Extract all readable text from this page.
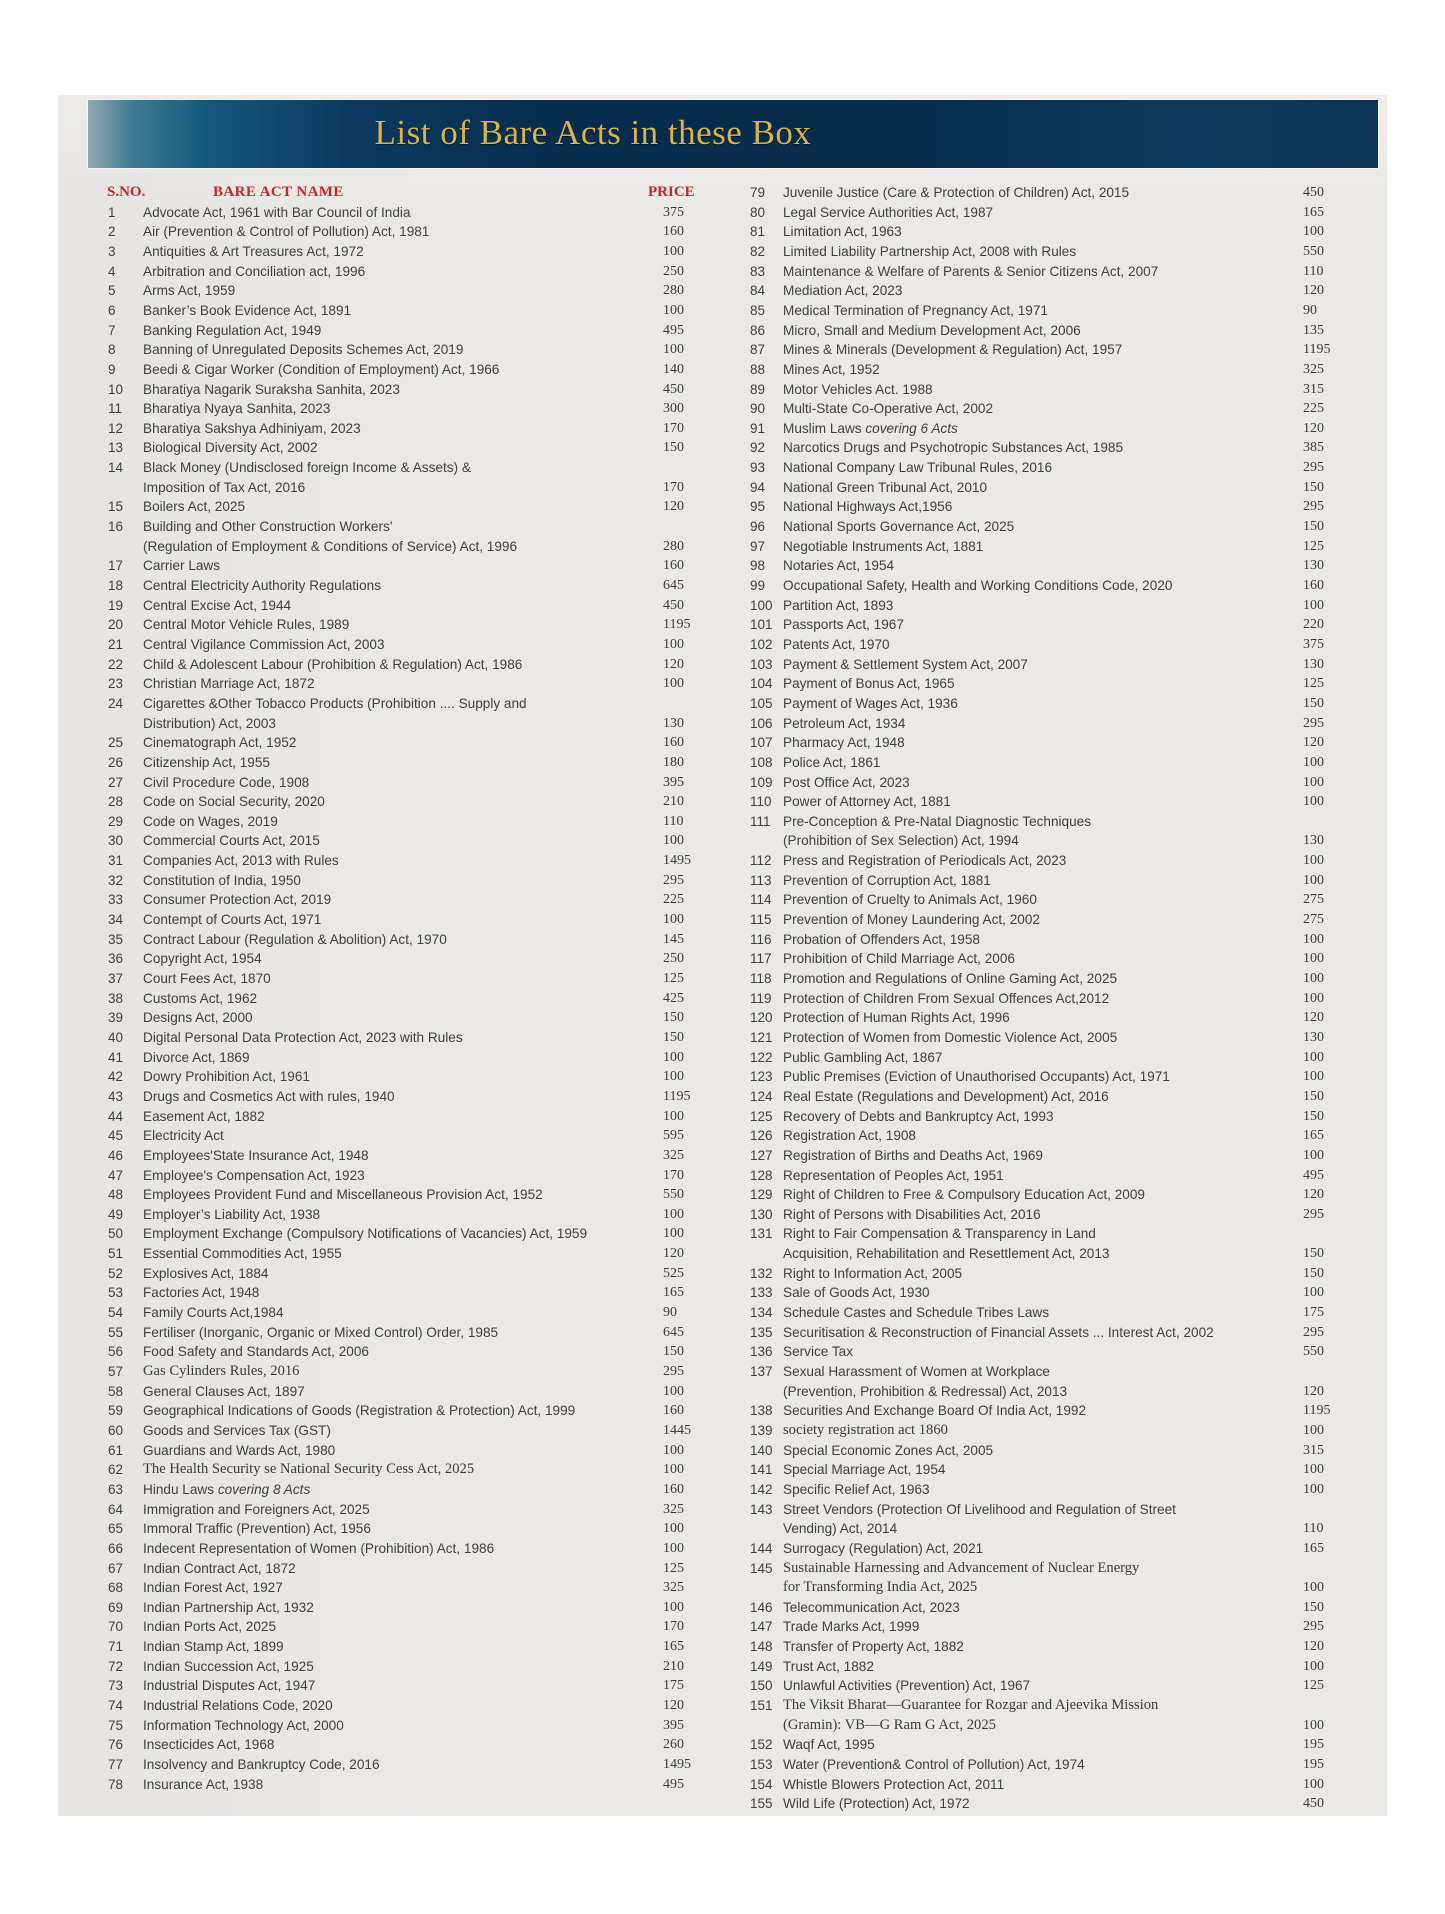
List of Bare Acts in these Box
S.NO.	BARE ACT NAME	PRICE
1 Advocate Act, 1961 with Bar Council of India	375
2 Air (Prevention & Control of Pollution) Act, 1981	160
3 Antiquities & Art Treasures Act, 1972	100
4 Arbitration and Conciliation act, 1996	250
5 Arms Act, 1959	280
6 Banker’s Book Evidence Act, 1891	100
7 Banking Regulation Act, 1949	495
8 Banning of Unregulated Deposits Schemes Act, 2019	100
9 Beedi & Cigar Worker (Condition of Employment) Act, 1966	140
10 Bharatiya Nagarik Suraksha Sanhita, 2023	450
11 Bharatiya Nyaya Sanhita, 2023	300
12 Bharatiya Sakshya Adhiniyam, 2023	170
13 Biological Diversity Act, 2002	150
14 Black Money (Undisclosed foreign Income & Assets) &
Imposition of Tax Act, 2016	170
15 Boilers Act, 2025	120
16 Building and Other Construction Workers'
(Regulation of Employment & Conditions of Service) Act, 1996	280
17 Carrier Laws	160
18 Central Electricity Authority Regulations	645
19 Central Excise Act, 1944	450
20 Central Motor Vehicle Rules, 1989	1195
21 Central Vigilance Commission Act, 2003	100
22 Child & Adolescent Labour (Prohibition & Regulation) Act, 1986	120
23 Christian Marriage Act, 1872	100
24 Cigarettes &Other Tobacco Products (Prohibition .... Supply and
Distribution) Act, 2003	130
25 Cinematograph Act, 1952	160
26 Citizenship Act, 1955	180
27 Civil Procedure Code, 1908	395
28 Code on Social Security, 2020	210
29 Code on Wages, 2019	110
30 Commercial Courts Act, 2015	100
31 Companies Act, 2013 with Rules	1495
32 Constitution of India, 1950	295
33 Consumer Protection Act, 2019	225
34 Contempt of Courts Act, 1971	100
35 Contract Labour (Regulation & Abolition) Act, 1970	145
36 Copyright Act, 1954	250
37 Court Fees Act, 1870	125
38 Customs Act, 1962	425
39 Designs Act, 2000	150
40 Digital Personal Data Protection Act, 2023 with Rules	150
41 Divorce Act, 1869	100
42 Dowry Prohibition Act, 1961	100
43 Drugs and Cosmetics Act with rules, 1940	1195
44 Easement Act, 1882	100
45 Electricity Act	595
46 Employees'State Insurance Act, 1948	325
47 Employee's Compensation Act, 1923	170
48 Employees Provident Fund and Miscellaneous Provision Act, 1952	550
49 Employer’s Liability Act, 1938	100
50 Employment Exchange (Compulsory Notifications of Vacancies) Act, 1959	100
51 Essential Commodities Act, 1955	120
52 Explosives Act, 1884	525
53 Factories Act, 1948	165
54 Family Courts Act,1984	90
55 Fertiliser (Inorganic, Organic or Mixed Control) Order, 1985	645
56 Food Safety and Standards Act, 2006	150
57 Gas Cylinders Rules, 2016	295
58 General Clauses Act, 1897	100
59 Geographical Indications of Goods (Registration & Protection) Act, 1999	160
60 Goods and Services Tax (GST)	1445
61 Guardians and Wards Act, 1980	100
62 The Health Security se National Security Cess Act, 2025	100
63 Hindu Laws covering 8 Acts	160
64 Immigration and Foreigners Act, 2025	325
65 Immoral Traffic (Prevention) Act, 1956	100
66 Indecent Representation of Women (Prohibition) Act, 1986	100
67 Indian Contract Act, 1872	125
68 Indian Forest Act, 1927	325
69 Indian Partnership Act, 1932	100
70 Indian Ports Act, 2025	170
71 Indian Stamp Act, 1899	165
72 Indian Succession Act, 1925	210
73 Industrial Disputes Act, 1947	175
74 Industrial Relations Code, 2020	120
75 Information Technology Act, 2000	395
76 Insecticides Act, 1968	260
77 Insolvency and Bankruptcy Code, 2016	1495
78 Insurance Act, 1938	495
79 Juvenile Justice (Care & Protection of Children) Act, 2015	450
80 Legal Service Authorities Act, 1987	165
81 Limitation Act, 1963	100
82 Limited Liability Partnership Act, 2008 with Rules	550
83 Maintenance & Welfare of Parents & Senior Citizens Act, 2007	110
84 Mediation Act, 2023	120
85 Medical Termination of Pregnancy Act, 1971	90
86 Micro, Small and Medium Development Act, 2006	135
87 Mines & Minerals (Development & Regulation) Act, 1957	1195
88 Mines Act, 1952	325
89 Motor Vehicles Act. 1988	315
90 Multi-State Co-Operative Act, 2002	225
91 Muslim Laws covering 6 Acts	120
92 Narcotics Drugs and Psychotropic Substances Act, 1985	385
93 National Company Law Tribunal Rules, 2016	295
94 National Green Tribunal Act, 2010	150
95 National Highways Act,1956	295
96 National Sports Governance Act, 2025	150
97 Negotiable Instruments Act, 1881	125
98 Notaries Act, 1954	130
99 Occupational Safety, Health and Working Conditions Code, 2020	160
100 Partition Act, 1893	100
101 Passports Act, 1967	220
102 Patents Act, 1970	375
103 Payment & Settlement System Act, 2007	130
104 Payment of Bonus Act, 1965	125
105 Payment of Wages Act, 1936	150
106 Petroleum Act, 1934	295
107 Pharmacy Act, 1948	120
108 Police Act, 1861	100
109 Post Office Act, 2023	100
110 Power of Attorney Act, 1881	100
111 Pre-Conception & Pre-Natal Diagnostic Techniques
(Prohibition of Sex Selection) Act, 1994	130
112 Press and Registration of Periodicals Act, 2023	100
113 Prevention of Corruption Act, 1881	100
114 Prevention of Cruelty to Animals Act, 1960	275
115 Prevention of Money Laundering Act, 2002	275
116 Probation of Offenders Act, 1958	100
117 Prohibition of Child Marriage Act, 2006	100
118 Promotion and Regulations of Online Gaming Act, 2025	100
119 Protection of Children From Sexual Offences Act,2012	100
120 Protection of Human Rights Act, 1996	120
121 Protection of Women from Domestic Violence Act, 2005	130
122 Public Gambling Act, 1867	100
123 Public Premises (Eviction of Unauthorised Occupants) Act, 1971	100
124 Real Estate (Regulations and Development) Act, 2016	150
125 Recovery of Debts and Bankruptcy Act, 1993	150
126 Registration Act, 1908	165
127 Registration of Births and Deaths Act, 1969	100
128 Representation of Peoples Act, 1951	495
129 Right of Children to Free & Compulsory Education Act, 2009	120
130 Right of Persons with Disabilities Act, 2016	295
131 Right to Fair Compensation & Transparency in Land
Acquisition, Rehabilitation and Resettlement Act, 2013	150
132 Right to Information Act, 2005	150
133 Sale of Goods Act, 1930	100
134 Schedule Castes and Schedule Tribes Laws	175
135 Securitisation & Reconstruction of Financial Assets ... Interest Act, 2002	295
136 Service Tax	550
137 Sexual Harassment of Women at Workplace
(Prevention, Prohibition & Redressal) Act, 2013	120
138 Securities And Exchange Board Of India Act, 1992	1195
139 society registration act 1860	100
140 Special Economic Zones Act, 2005	315
141 Special Marriage Act, 1954	100
142 Specific Relief Act, 1963	100
143 Street Vendors (Protection Of Livelihood and Regulation of Street
Vending) Act, 2014	110
144 Surrogacy (Regulation) Act, 2021	165
145 Sustainable Harnessing and Advancement of Nuclear Energy
for Transforming India Act, 2025	100
146 Telecommunication Act, 2023	150
147 Trade Marks Act, 1999	295
148 Transfer of Property Act, 1882	120
149 Trust Act, 1882	100
150 Unlawful Activities (Prevention) Act, 1967	125
151 The Viksit Bharat—Guarantee for Rozgar and Ajeevika Mission
(Gramin): VB—G Ram G Act, 2025	100
152 Waqf Act, 1995	195
153 Water (Prevention& Control of Pollution) Act, 1974	195
154 Whistle Blowers Protection Act, 2011	100
155 Wild Life (Protection) Act, 1972	450
